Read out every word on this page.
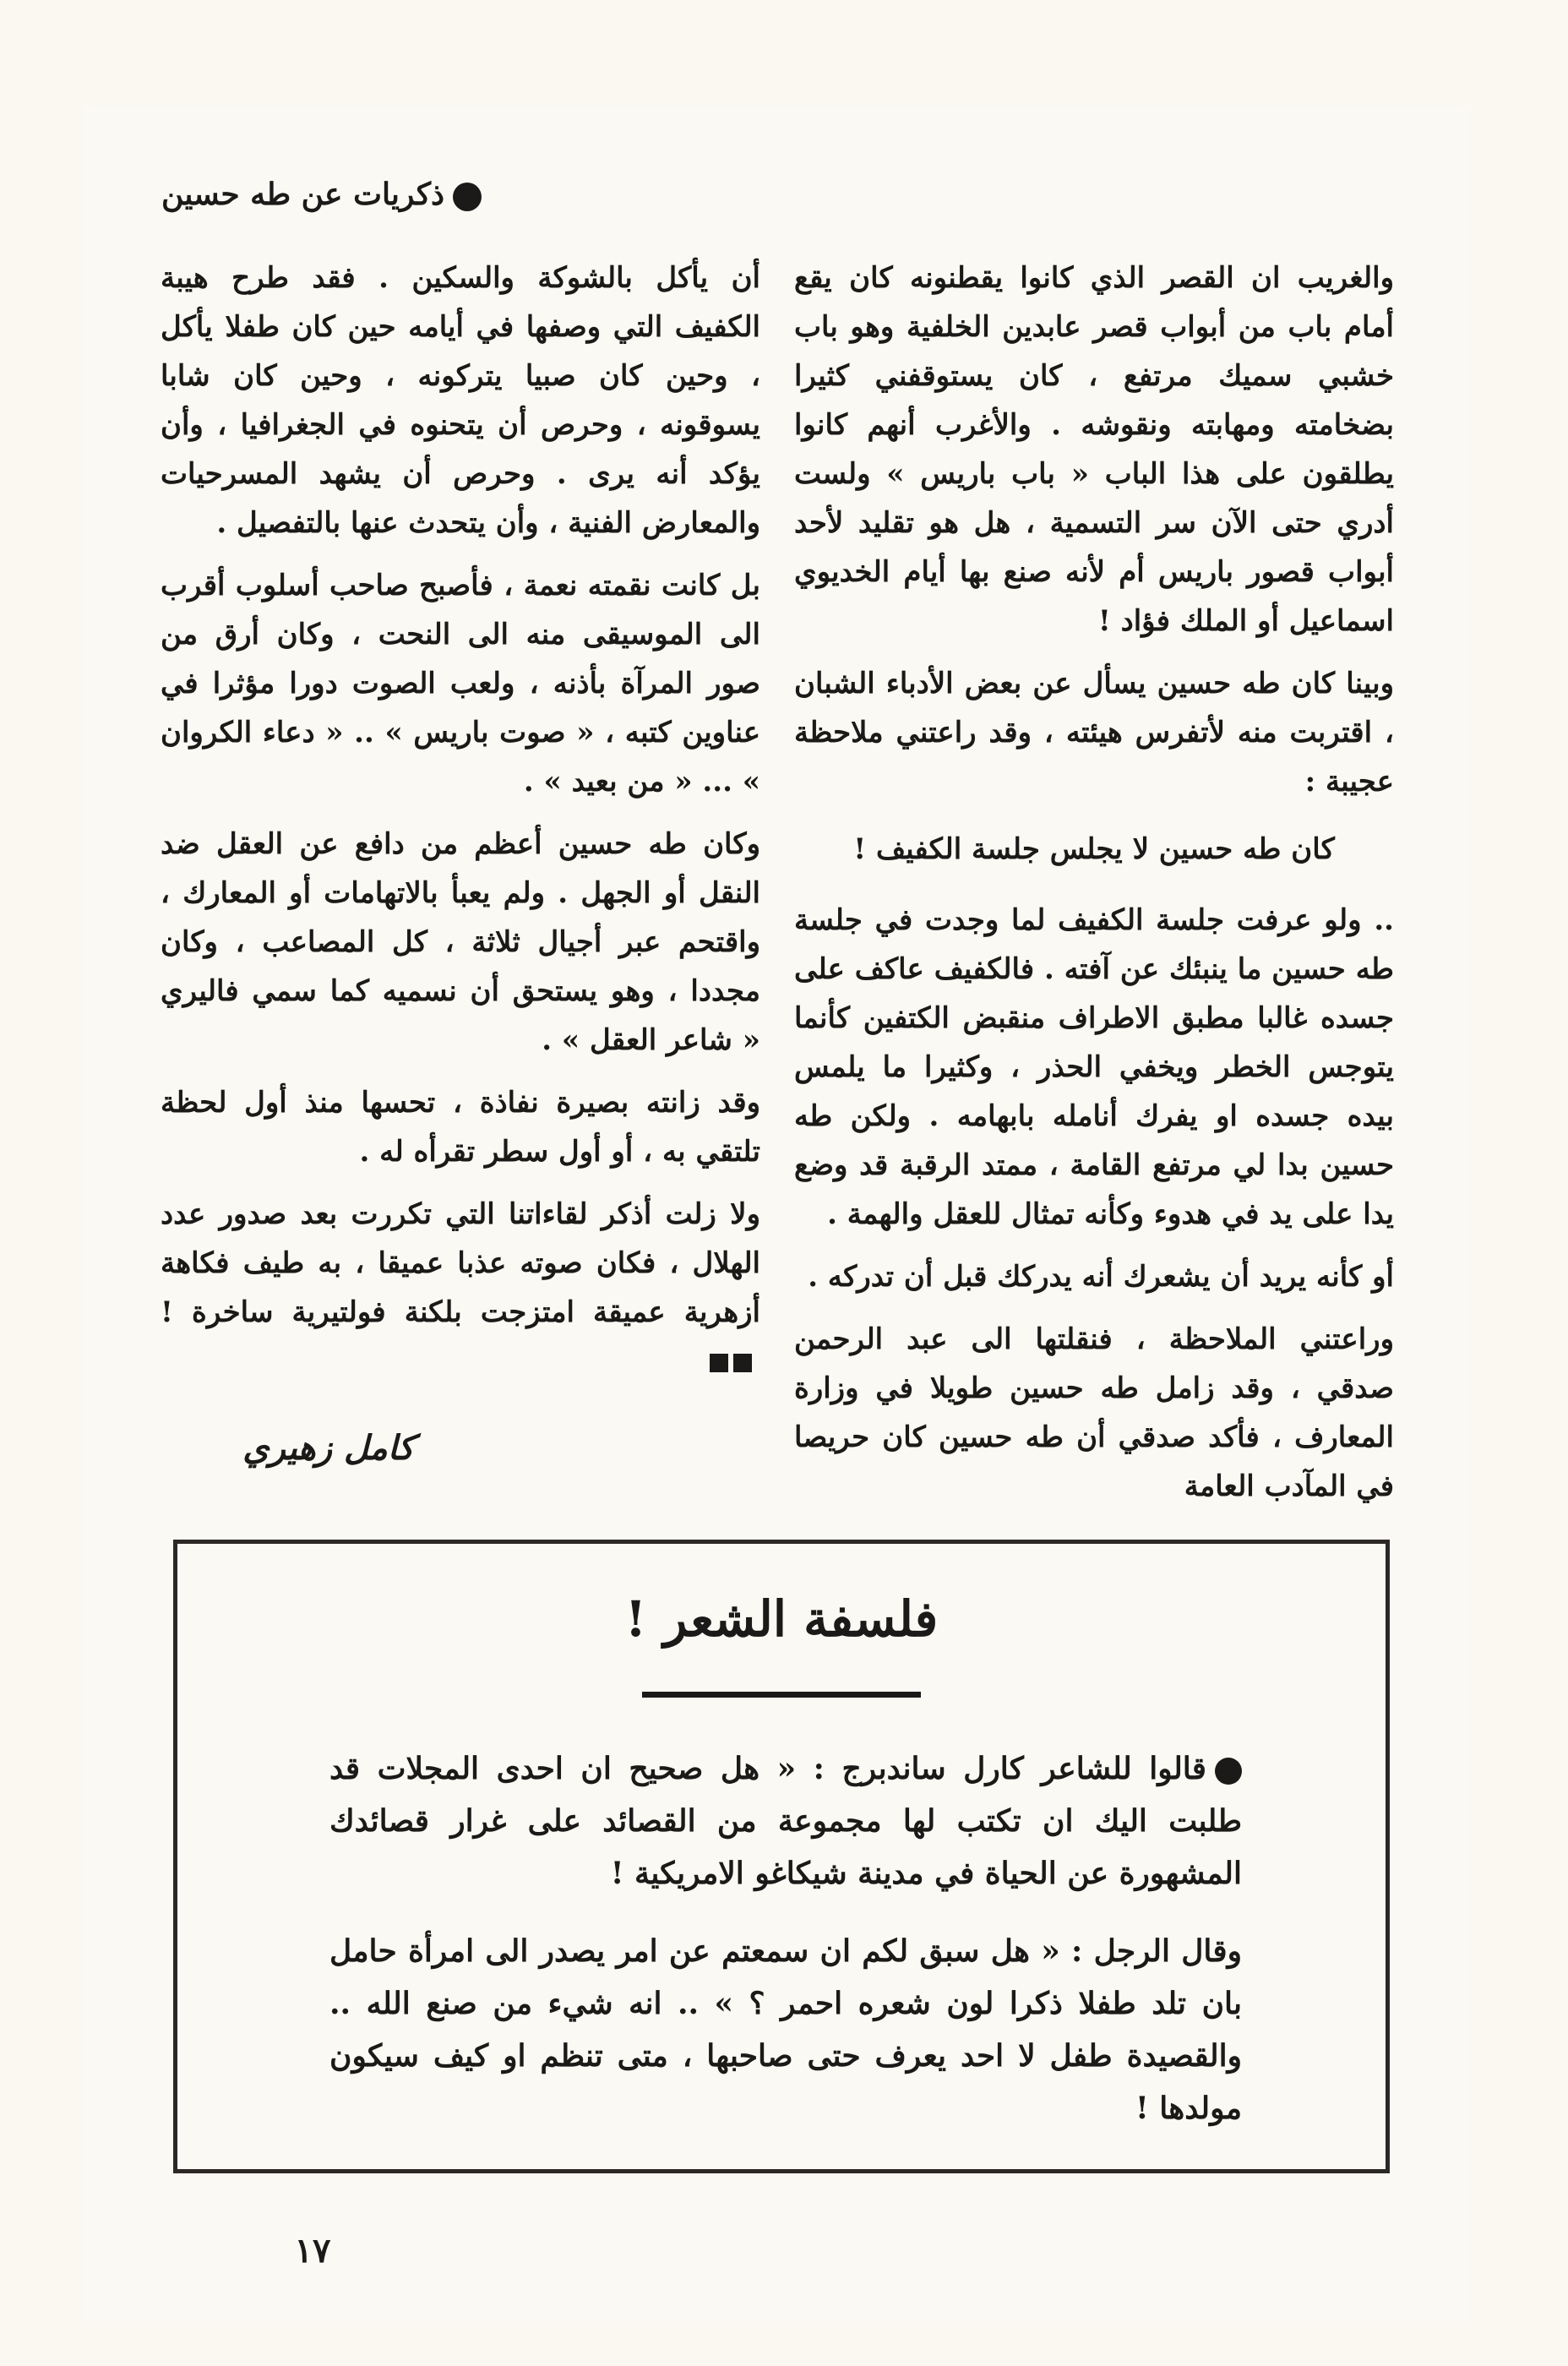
ذكريات عن طه حسين

والغريب ان القصر الذي كانوا يقطنونه كان يقع أمام باب من أبواب قصر عابدين الخلفية وهو باب خشبي سميك مرتفع ، كان يستوقفني كثيرا بضخامته ومهابته ونقوشه . والأغرب أنهم كانوا يطلقون على هذا الباب « باب باريس » ولست أدري حتى الآن سر التسمية ، هل هو تقليد لأحد أبواب قصور باريس أم لأنه صنع بها أيام الخديوي اسماعيل أو الملك فؤاد !

وبينا كان طه حسين يسأل عن بعض الأدباء الشبان ، اقتربت منه لأتفرس هيئته ، وقد راعتني ملاحظة عجيبة :

كان طه حسين لا يجلس جلسة الكفيف !

.. ولو عرفت جلسة الكفيف لما وجدت في جلسة طه حسين ما ينبئك عن آفته . فالكفيف عاكف على جسده غالبا مطبق الاطراف منقبض الكتفين كأنما يتوجس الخطر ويخفي الحذر ، وكثيرا ما يلمس بيده جسده او يفرك أنامله بابهامه . ولكن طه حسين بدا لي مرتفع القامة ، ممتد الرقبة قد وضع يدا على يد في هدوء وكأنه تمثال للعقل والهمة .

أو كأنه يريد أن يشعرك أنه يدركك قبل أن تدركه .

وراعتني الملاحظة ، فنقلتها الى عبد الرحمن صدقي ، وقد زامل طه حسين طويلا في وزارة المعارف ، فأكد صدقي أن طه حسين كان حريصا في المآدب العامة

أن يأكل بالشوكة والسكين . فقد طرح هيبة الكفيف التي وصفها في أيامه حين كان طفلا يأكل ، وحين كان صبيا يتركونه ، وحين كان شابا يسوقونه ، وحرص أن يتحنوه في الجغرافيا ، وأن يؤكد أنه يرى . وحرص أن يشهد المسرحيات والمعارض الفنية ، وأن يتحدث عنها بالتفصيل .

بل كانت نقمته نعمة ، فأصبح صاحب أسلوب أقرب الى الموسيقى منه الى النحت ، وكان أرق من صور المرآة بأذنه ، ولعب الصوت دورا مؤثرا في عناوين كتبه ، « صوت باريس » .. « دعاء الكروان » ... « من بعيد » .

وكان طه حسين أعظم من دافع عن العقل ضد النقل أو الجهل . ولم يعبأ بالاتهامات أو المعارك ، واقتحم عبر أجيال ثلاثة ، كل المصاعب ، وكان مجددا ، وهو يستحق أن نسميه كما سمي فاليري « شاعر العقل » .

وقد زانته بصيرة نفاذة ، تحسها منذ أول لحظة تلتقي به ، أو أول سطر تقرأه له .

ولا زلت أذكر لقاءاتنا التي تكررت بعد صدور عدد الهلال ، فكان صوته عذبا عميقا ، به طيف فكاهة أزهرية عميقة امتزجت بلكنة فولتيرية ساخرة !

كامل زهيري
فلسفة الشعر !

قالوا للشاعر كارل ساندبرج : « هل صحيح ان احدى المجلات قد طلبت اليك ان تكتب لها مجموعة من القصائد على غرار قصائدك المشهورة عن الحياة في مدينة شيكاغو الامريكية !

وقال الرجل : « هل سبق لكم ان سمعتم عن امر يصدر الى امرأة حامل بان تلد طفلا ذكرا لون شعره احمر ؟ » .. انه شيء من صنع الله .. والقصيدة طفل لا احد يعرف حتى صاحبها ، متى تنظم او كيف سيكون مولدها !

١٧
